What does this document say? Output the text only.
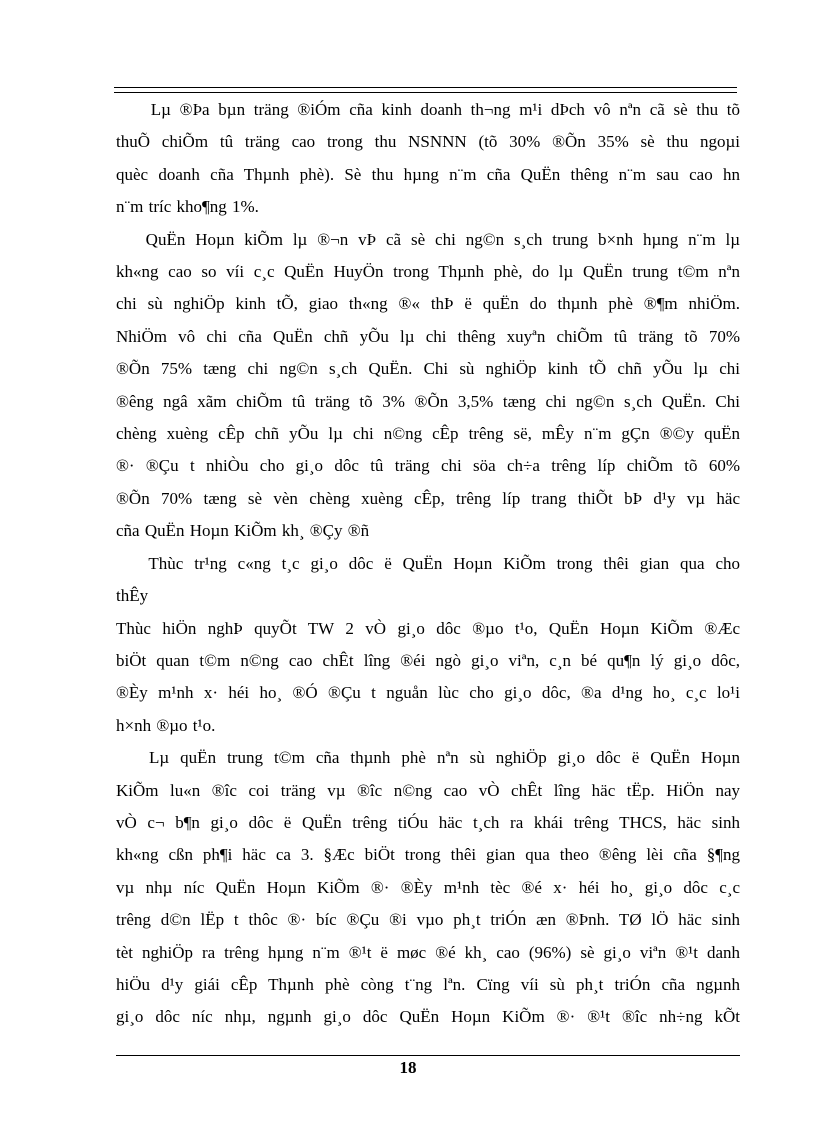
Lµ ®Þa bµn träng ®iÓm cña kinh doanh th¬ng m¹i dÞch vô nªn cã sè thu tõ

thuÕ chiÕm tû träng cao trong thu NSNNN (tõ 30% ®Õn 35% sè thu ngoµi

quèc doanh cña Thµnh phè). Sè thu hµng n¨m cña QuËn thêng n¨m sau cao hn

n¨m tríc kho¶ng 1%.

QuËn Hoµn kiÕm lµ ®¬n vÞ cã sè chi ng©n s¸ch trung b×nh hµng n¨m lµ

kh«ng cao so víi c¸c QuËn HuyÖn trong Thµnh phè, do lµ QuËn trung t©m nªn

chi sù nghiÖp kinh tÕ, giao th«ng ®« thÞ ë quËn do thµnh phè ®¶m nhiÖm.

NhiÖm vô chi cña QuËn chñ yÕu lµ chi thêng xuyªn chiÕm tû träng tõ 70%

®Õn 75% tæng chi ng©n s¸ch QuËn. Chi sù nghiÖp kinh tÕ chñ yÕu lµ chi

®êng ngâ xãm chiÕm tû träng tõ 3% ®Õn 3,5% tæng chi ng©n s¸ch QuËn. Chi

chèng xuèng cÊp chñ yÕu lµ chi n©ng cÊp trêng së, mÊy n¨m gÇn ®©y quËn

®· ®Çu t nhiÒu cho gi¸o dôc tû träng chi söa ch÷a trêng líp chiÕm tõ 60%

®Õn 70% tæng sè vèn chèng xuèng cÊp, trêng líp trang thiÕt bÞ d¹y vµ häc

cña QuËn Hoµn KiÕm kh¸ ®Çy ®ñ

Thùc tr¹ng c«ng t¸c gi¸o dôc ë QuËn Hoµn KiÕm trong thêi gian qua cho

thÊy

Thùc hiÖn nghÞ quyÕt TW 2 vÒ gi¸o dôc ®µo t¹o, QuËn Hoµn KiÕm ®Æc

biÖt quan t©m n©ng cao chÊt lîng ®éi ngò gi¸o viªn, c¸n bé qu¶n lý gi¸o dôc,

®Èy m¹nh x· héi ho¸ ®Ó ®Çu t nguån lùc cho gi¸o dôc, ®a d¹ng ho¸ c¸c lo¹i

h×nh ®µo t¹o.

Lµ quËn trung t©m cña thµnh phè nªn sù nghiÖp gi¸o dôc ë QuËn Hoµn

KiÕm lu«n ®îc coi träng vµ ®îc n©ng cao vÒ chÊt lîng häc tËp. HiÖn nay

vÒ c¬ b¶n gi¸o dôc ë QuËn trêng tiÓu häc t¸ch ra khái trêng THCS, häc sinh

kh«ng cßn ph¶i häc ca 3. §Æc biÖt trong thêi gian qua theo ®êng lèi cña §¶ng

vµ nhµ níc QuËn Hoµn KiÕm ®· ®Èy m¹nh tèc ®é x· héi ho¸ gi¸o dôc c¸c

trêng d©n lËp t thôc ®· bíc ®Çu ®i vµo ph¸t triÓn æn ®Þnh. TØ lÖ häc sinh

tèt nghiÖp ra trêng hµng n¨m ®¹t ë møc ®é kh¸ cao (96%) sè gi¸o viªn ®¹t danh

hiÖu d¹y giái cÊp Thµnh phè còng t¨ng lªn. Cïng víi sù ph¸t triÓn cña ngµnh

gi¸o dôc níc nhµ, ngµnh gi¸o dôc QuËn Hoµn KiÕm ®· ®¹t ®îc nh÷ng kÕt

18
